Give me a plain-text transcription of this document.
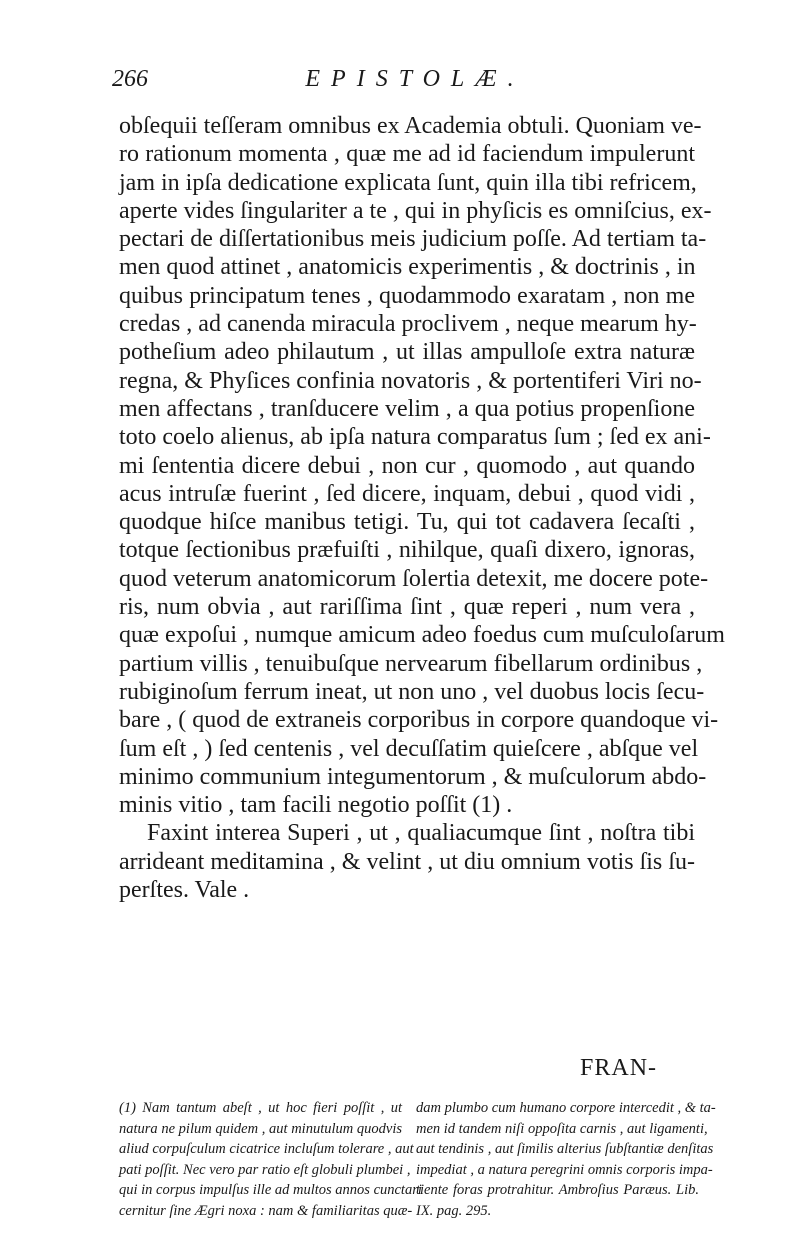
266	EPISTOLÆ.
obſequii teſſeram omnibus ex Academia obtuli. Quoniam ve-
ro rationum momenta , quæ me ad id faciendum impulerunt
jam in ipſa dedicatione explicata ſunt, quin illa tibi refricem,
aperte vides ſingulariter a te , qui in phyſicis es omniſcius, ex-
pectari de diſſertationibus meis judicium poſſe. Ad tertiam ta-
men quod attinet , anatomicis experimentis , & doctrinis , in
quibus principatum tenes , quodammodo exaratam , non me
credas , ad canenda miracula proclivem , neque mearum hy-
potheſium adeo philautum , ut illas ampullоſe extra naturæ
regna, & Phyſices confinia novatoris , & portentiferi Viri no-
men affectans , tranſducere velim , a qua potius propenſione
toto coelo alienus, ab ipſa natura comparatus ſum ; ſed ex ani-
mi ſententia dicere debui , non cur , quomodo , aut quando
acus intruſæ fuerint , ſed dicere, inquam, debui , quod vidi ,
quodque hiſce manibus tetigi. Tu, qui tot cadavera ſecaſti ,
totque ſectionibus præfuiſti , nihilque, quaſi dixero, ignoras,
quod veterum anatomicorum ſolertia detexit, me docere pote-
ris, num obvia , aut rariſſima ſint , quæ reperi , num vera ,
quæ expoſui , numque amicum adeo foedus cum muſculoſarum
partium villis , tenuibuſque nervearum fibellarum ordinibus ,
rubiginoſum ferrum ineat, ut non uno , vel duobus locis ſecu-
bare , ( quod de extraneis corporibus in corpore quandoque vi-
ſum eſt , ) ſed centenis , vel decuſſatim quieſcere , abſque vel
minimo communium integumentorum , & muſculorum abdo-
minis vitio , tam facili negotio poſſit (1) .
Faxint interea Superi , ut , qualiacumque ſint , noſtra tibi
arrideant meditamina , & velint , ut diu omnium votis ſis ſu-
perſtes. Vale .
FRAN-
(1) Nam tantum abeſt , ut hoc fieri poſſit , ut
natura ne pilum quidem , aut minutulum quodvis
aliud corpuſculum cicatrice incluſum tolerare , aut
pati poſſit. Nec vero par ratio eſt globuli plumbei ,
qui in corpus impulſus ille ad multos annos cunctari
cernitur ſine Ægri noxa : nam & familiaritas quæ-
dam plumbo cum humano corpore intercedit , & ta-
men id tandem niſi oppoſita carnis , aut ligamenti,
aut tendinis , aut ſimilis alterius ſubſtantiæ denſitas
impediat , a natura peregrini omnis corporis impa-
tiente foras protrahitur. Ambroſius Paræus. Lib.
IX. pag. 295.
